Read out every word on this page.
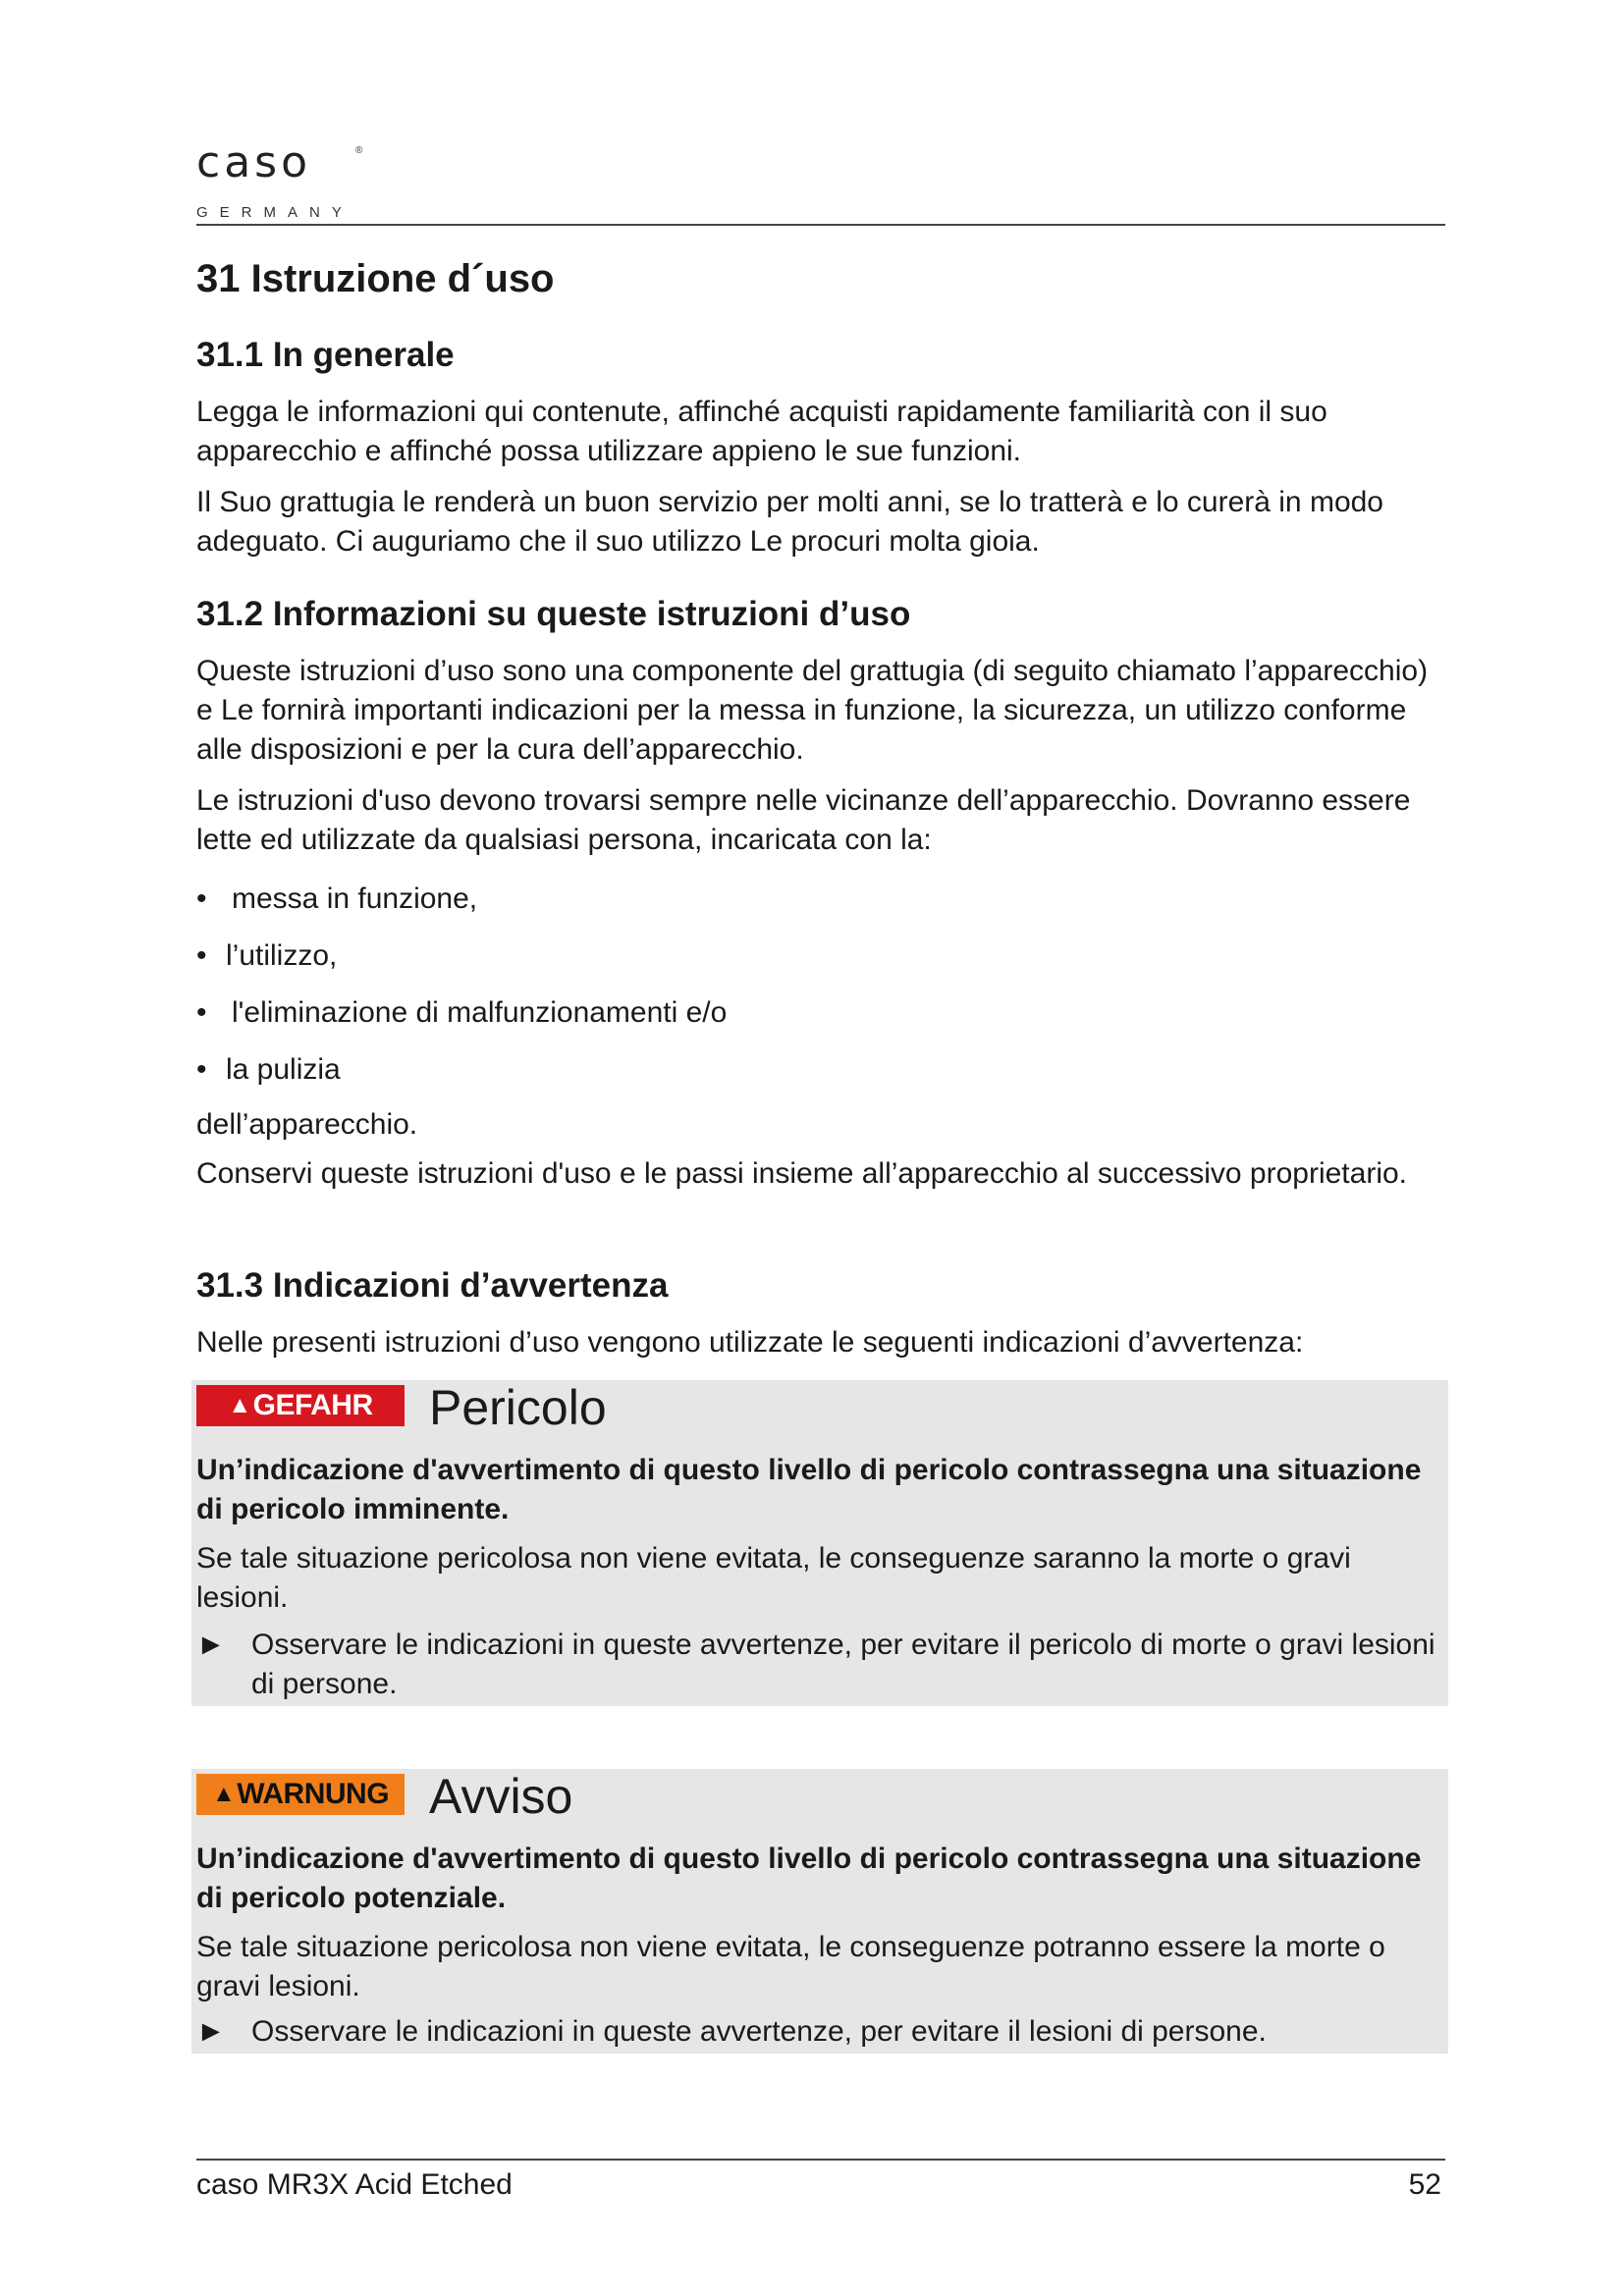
caso	®
GERMANY
31 Istruzione d´uso
31.1 In generale

Legga le informazioni qui contenute, affinché acquisti rapidamente familiarità con il suo apparecchio e affinché possa utilizzare appieno le sue funzioni.

Il Suo grattugia le renderà un buon servizio per molti anni, se lo tratterà e lo curerà in modo adeguato. Ci auguriamo che il suo utilizzo Le procuri molta gioia.

31.2 Informazioni su queste istruzioni d’uso

Queste istruzioni d’uso sono una componente del grattugia (di seguito chiamato l’apparecchio) e Le fornirà importanti indicazioni per la messa in funzione, la sicurezza, un utilizzo conforme alle disposizioni e per la cura dell’apparecchio.

Le istruzioni d'uso devono trovarsi sempre nelle vicinanze dell’apparecchio. Dovranno essere lette ed utilizzate da qualsiasi persona, incaricata con la:

• messa in funzione,

• l’utilizzo,

• l'eliminazione di malfunzionamenti e/o

• la pulizia

dell’apparecchio.

Conservi queste istruzioni d'uso e le passi insieme all’apparecchio al successivo proprietario.

31.3 Indicazioni d’avvertenza

Nelle presenti istruzioni d’uso vengono utilizzate le seguenti indicazioni d’avvertenza:

▲GEFAHR	Pericolo

Un’indicazione d'avvertimento di questo livello di pericolo contrassegna una situazione di pericolo imminente.

Se tale situazione pericolosa non viene evitata, le conseguenze saranno la morte o gravi lesioni.

► Osservare le indicazioni in queste avvertenze, per evitare il pericolo di morte o gravi lesioni di persone.

▲WARNUNG Avviso

Un’indicazione d'avvertimento di questo livello di pericolo contrassegna una situazione di pericolo potenziale.

Se tale situazione pericolosa non viene evitata, le conseguenze potranno essere la morte o gravi lesioni.

► Osservare le indicazioni in queste avvertenze, per evitare il lesioni di persone.

caso MR3X Acid Etched	52
